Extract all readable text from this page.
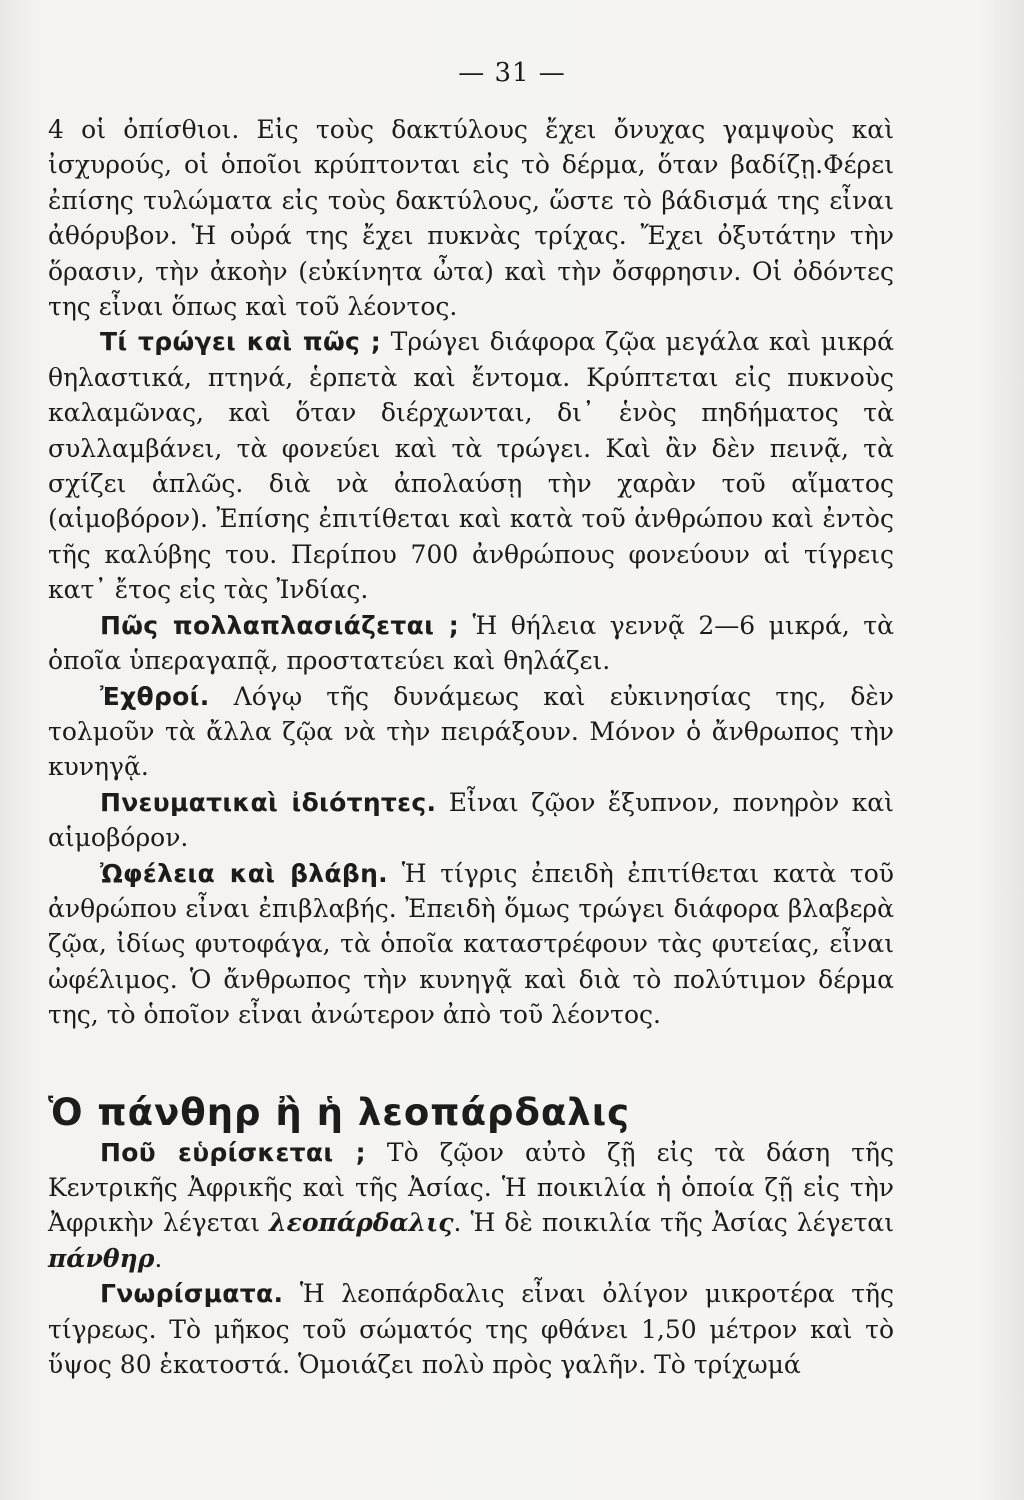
— 31 —

4 οἱ ὀπίσθιοι. Εἰς τοὺς δακτύλους ἔχει ὄνυχας γαμψοὺς καὶ ἰσχυρούς, οἱ ὁποῖοι κρύπτονται εἰς τὸ δέρμα, ὅταν βαδίζῃ.Φέρει ἐπίσης τυλώματα εἰς τοὺς δακτύλους, ὥστε τὸ βάδισμά της εἶναι ἀθόρυβον. Ἡ οὐρά της ἔχει πυκνὰς τρίχας. Ἔχει ὀξυτάτην τὴν ὅρασιν, τὴν ἀκοὴν (εὐκίνητα ὦτα) καὶ τὴν ὄσφρησιν. Οἱ ὀδόντες της εἶναι ὅπως καὶ τοῦ λέοντος.

Τί τρώγει καὶ πῶς ; Τρώγει διάφορα ζῷα μεγάλα καὶ μικρά θηλαστικά, πτηνά, ἑρπετὰ καὶ ἔντομα. Κρύπτεται εἰς πυκνοὺς καλαμῶνας, καὶ ὅταν διέρχωνται, δι᾿ ἑνὸς πηδήματος τὰ συλλαμβάνει, τὰ φονεύει καὶ τὰ τρώγει. Καὶ ἂν δὲν πεινᾷ, τὰ σχίζει ἁπλῶς. διὰ νὰ ἀπολαύσῃ τὴν χαρὰν τοῦ αἵματος (αἱμοβόρον). Ἐπίσης ἐπιτίθεται καὶ κατὰ τοῦ ἀνθρώπου καὶ ἐντὸς τῆς καλύβης του. Περίπου 700 ἀνθρώπους φονεύουν αἱ τίγρεις κατ᾿ ἔτος εἰς τὰς Ἰνδίας.

Πῶς πολλαπλασιάζεται ; Ἡ θήλεια γεννᾷ 2—6 μικρά, τὰ ὁποῖα ὑπεραγαπᾷ, προστατεύει καὶ θηλάζει.

Ἐχθροί. Λόγῳ τῆς δυνάμεως καὶ εὐκινησίας της, δὲν τολμοῦν τὰ ἄλλα ζῷα νὰ τὴν πειράξουν. Μόνον ὁ ἄνθρωπος τὴν κυνηγᾷ.

Πνευματικαὶ ἰδιότητες. Εἶναι ζῷον ἔξυπνον, πονηρὸν καὶ αἱμοβόρον.

Ὠφέλεια καὶ βλάβη. Ἡ τίγρις ἐπειδὴ ἐπιτίθεται κατὰ τοῦ ἀνθρώπου εἶναι ἐπιβλαβής. Ἐπειδὴ ὅμως τρώγει διάφορα βλαβερὰ ζῷα, ἰδίως φυτοφάγα, τὰ ὁποῖα καταστρέφουν τὰς φυτείας, εἶναι ὠφέλιμος. Ὁ ἄνθρωπος τὴν κυνηγᾷ καὶ διὰ τὸ πολύτιμον δέρμα της, τὸ ὁποῖον εἶναι ἀνώτερον ἀπὸ τοῦ λέοντος.

Ὁ πάνθηρ ἢ ἡ λεοπάρδαλις

Ποῦ εὑρίσκεται ; Τὸ ζῷον αὐτὸ ζῇ εἰς τὰ δάση τῆς Κεντρικῆς Ἀφρικῆς καὶ τῆς Ἀσίας. Ἡ ποικιλία ἡ ὁποία ζῇ εἰς τὴν Ἀφρικὴν λέγεται λεοπάρδαλις. Ἡ δὲ ποικιλία τῆς Ἀσίας λέγεται πάνθηρ.

Γνωρίσματα. Ἡ λεοπάρδαλις εἶναι ὀλίγον μικροτέρα τῆς τίγρεως. Τὸ μῆκος τοῦ σώματός της φθάνει 1,50 μέτρον καὶ τὸ ὕψος 80 ἑκατοστά. Ὁμοιάζει πολὺ πρὸς γαλῆν. Τὸ τρίχωμά
